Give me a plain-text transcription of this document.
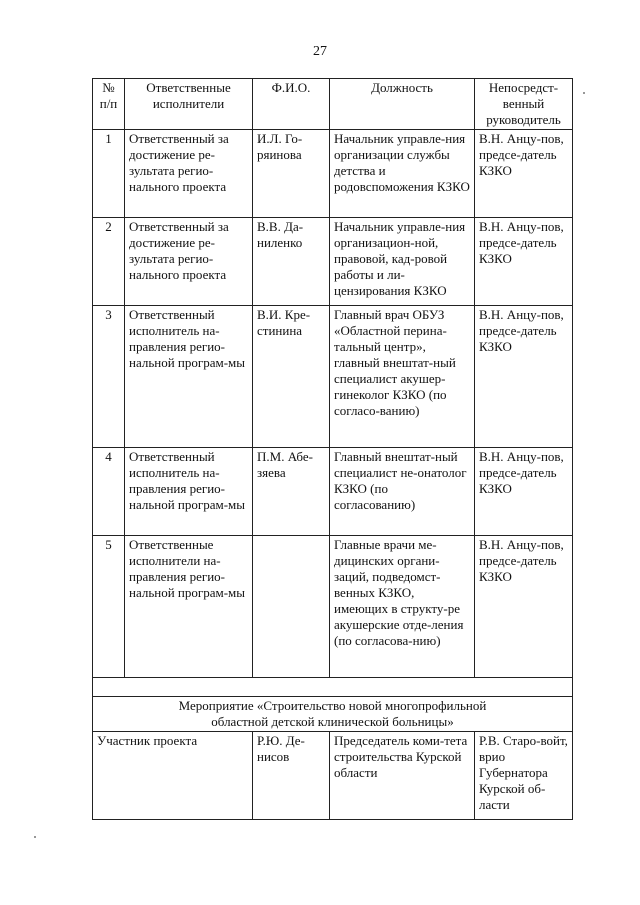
27
№ п/п	Ответственные исполнители	Ф.И.О.	Должность	Непосредст-венный руководитель
1	Ответственный за достижение ре-зультата регио-нального проекта	И.Л. Го-ряинова	Начальник управле-ния организации службы детства и родовспоможения КЗКО	В.Н. Анцу-пов, предсе-датель КЗКО
2	Ответственный за достижение ре-зультата регио-нального проекта	В.В. Да-ниленко	Начальник управле-ния организацион-ной, правовой, кад-ровой работы и ли-цензирования КЗКО	В.Н. Анцу-пов, предсе-датель КЗКО
3	Ответственный исполнитель на-правления регио-нальной програм-мы	В.И. Кре-стинина	Главный врач ОБУЗ «Областной перина-тальный центр», главный внештат-ный специалист акушер-гинеколог КЗКО (по согласо-ванию)	В.Н. Анцу-пов, предсе-датель КЗКО
4	Ответственный исполнитель на-правления регио-нальной програм-мы	П.М. Абе-зяева	Главный внештат-ный специалист не-онатолог КЗКО (по согласованию)	В.Н. Анцу-пов, предсе-датель КЗКО
5	Ответственные исполнители на-правления регио-нальной програм-мы		Главные врачи ме-дицинских органи-заций, подведомст-венных КЗКО, имеющих в структу-ре акушерские отде-ления (по согласова-нию)	В.Н. Анцу-пов, предсе-датель КЗКО

Мероприятие «Строительство новой многопрофильной
областной детской клинической больницы»				

Участник проекта		Р.Ю. Де-нисов	Председатель коми-тета строительства Курской области	Р.В. Старо-войт, врио Губернатора Курской об-ласти
